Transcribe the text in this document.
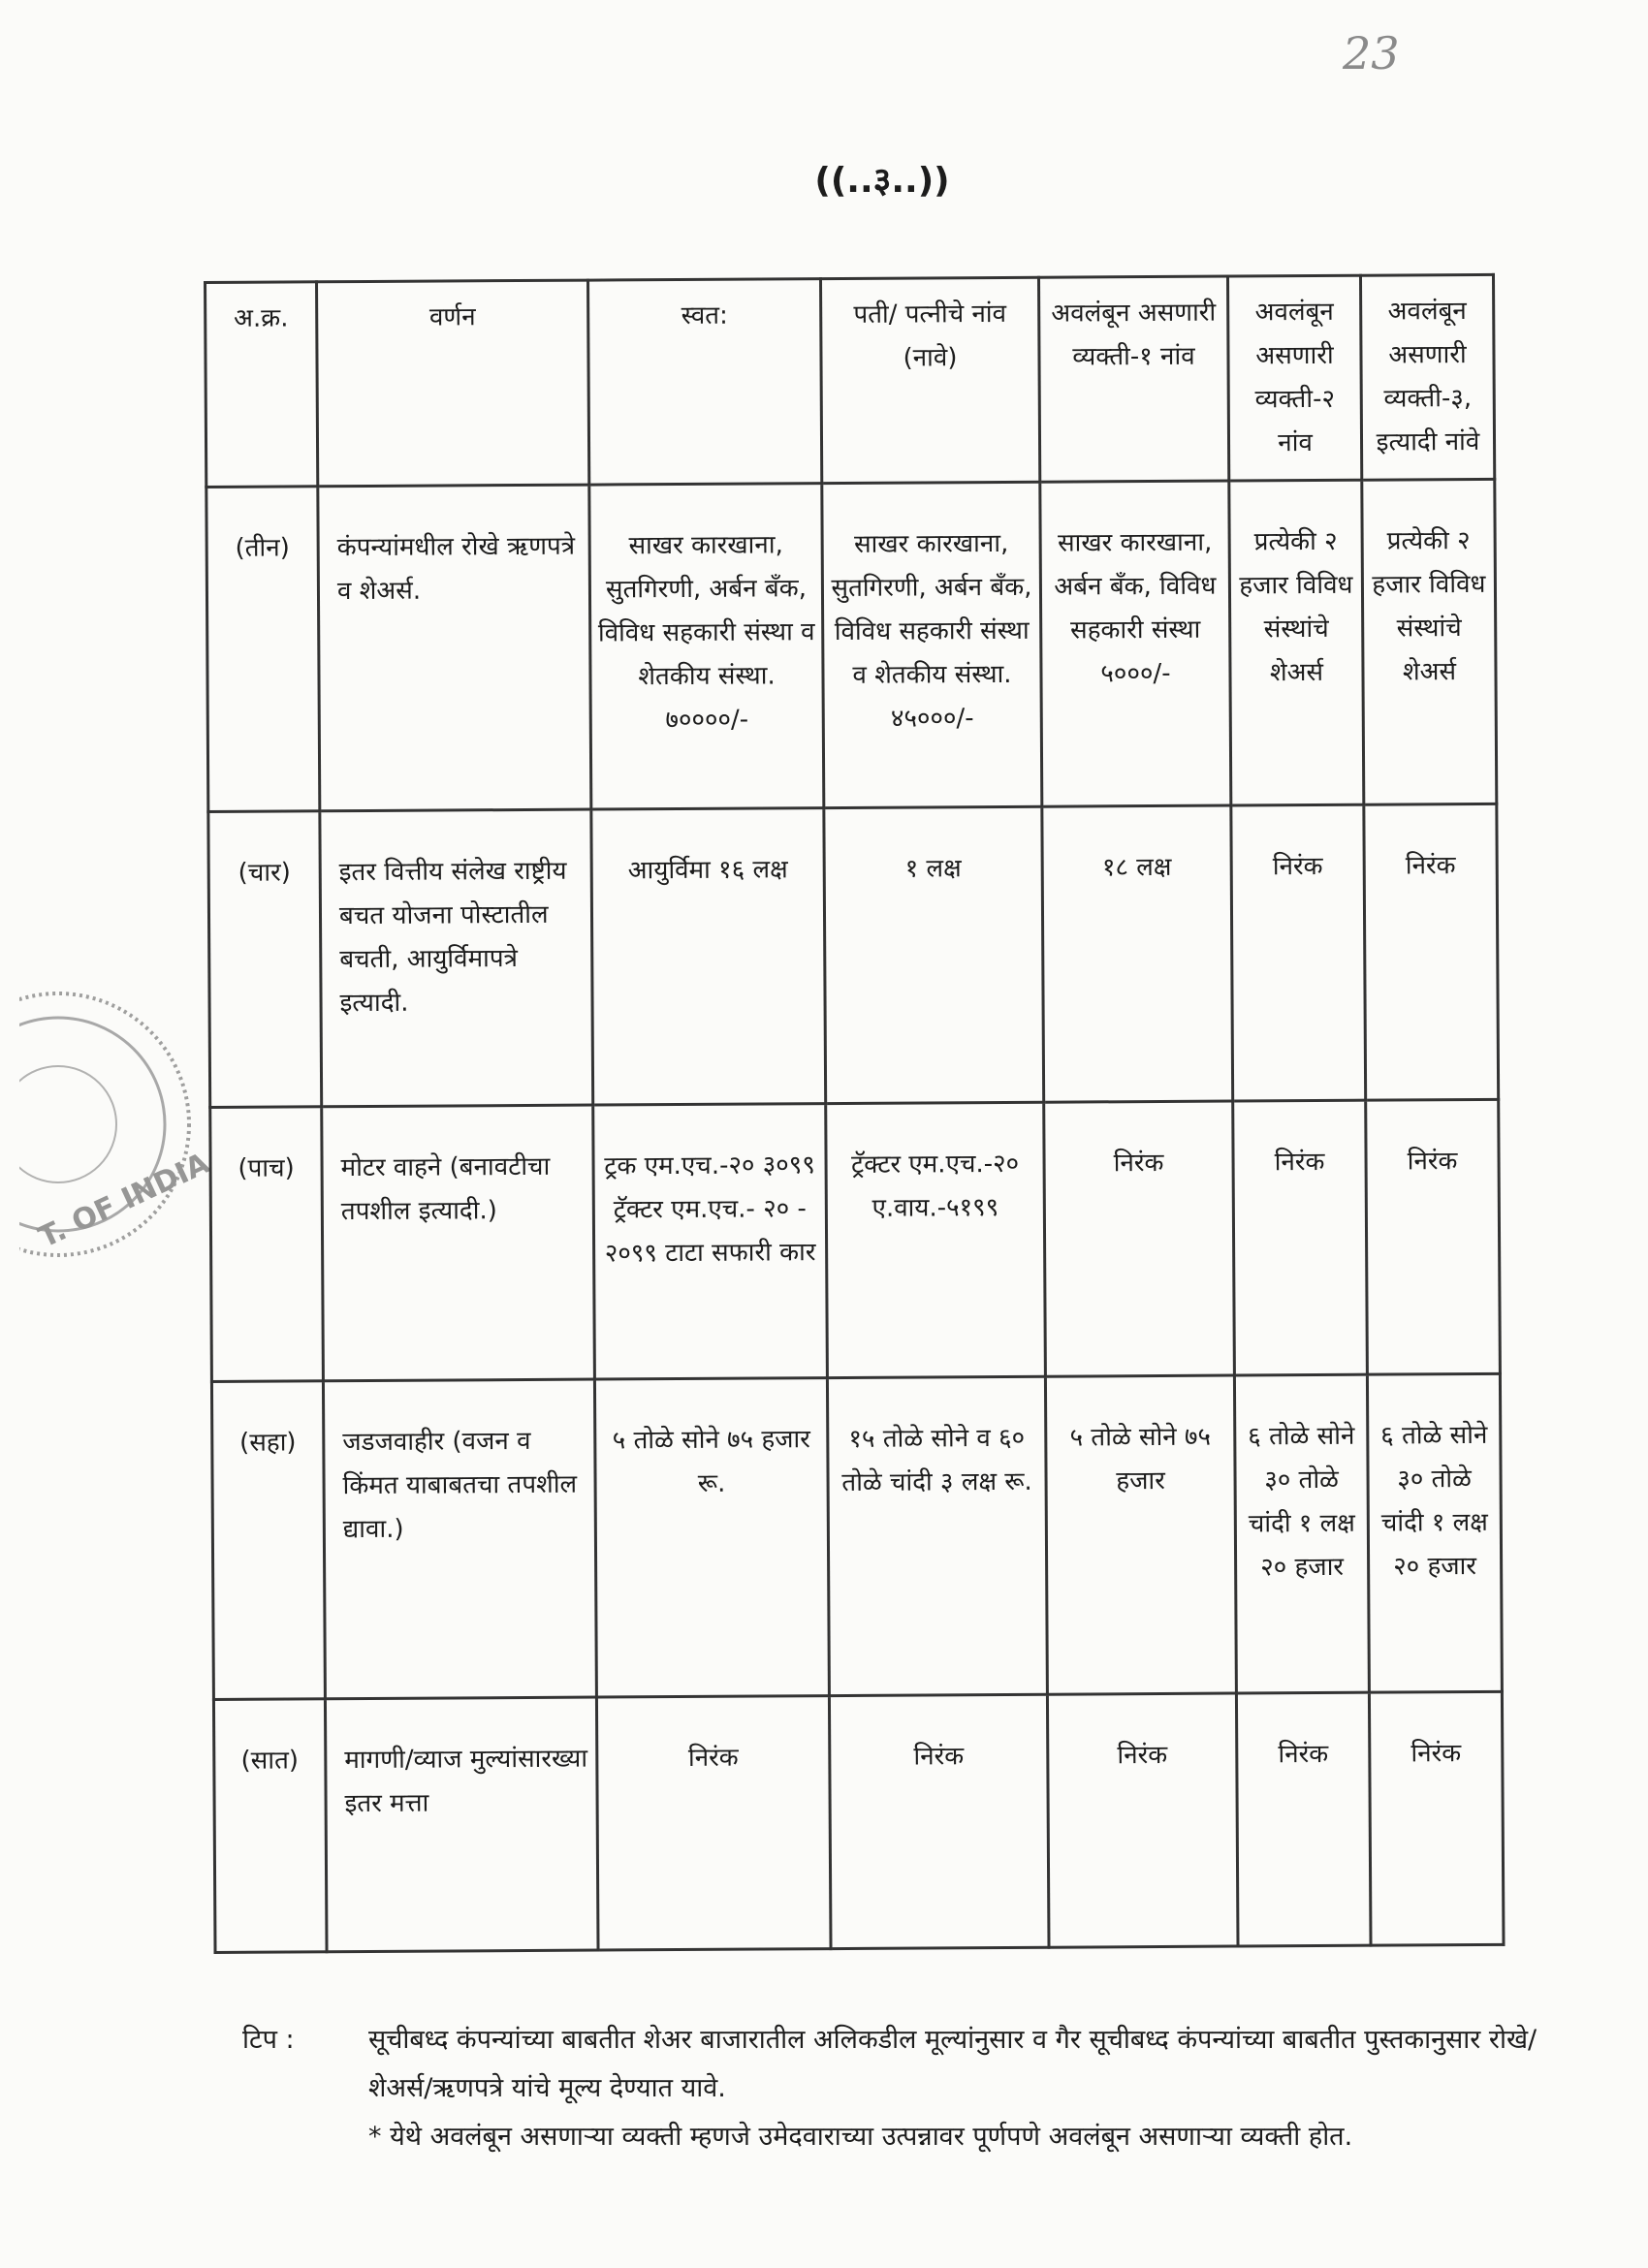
23
((..३..))
T. OF INDIA
अ.क्र.	वर्णन	स्वत:	पती/ पत्नीचे नांव (नावे)	अवलंबून असणारी व्यक्ती-१ नांव	अवलंबून असणारी व्यक्ती-२ नांव	अवलंबून असणारी व्यक्ती-३, इत्यादी नांवे
(तीन)	कंपन्यांमधील रोखे ऋणपत्रे व शेअर्स.	साखर कारखाना, सुतगिरणी, अर्बन बँक, विविध सहकारी संस्था व शेतकीय संस्था. ७००००/-	साखर कारखाना, सुतगिरणी, अर्बन बँक, विविध सहकारी संस्था व शेतकीय संस्था. ४५०००/-	साखर कारखाना, अर्बन बँक, विविध सहकारी संस्था ५०००/-	प्रत्येकी २ हजार विविध संस्थांचे शेअर्स	प्रत्येकी २ हजार विविध संस्थांचे शेअर्स
(चार)	इतर वित्तीय संलेख राष्ट्रीय बचत योजना पोस्टातील बचती, आयुर्विमापत्रे इत्यादी.	आयुर्विमा १६ लक्ष	१ लक्ष	१८ लक्ष	निरंक	निरंक
(पाच)	मोटर वाहने (बनावटीचा तपशील इत्यादी.)	ट्रक एम.एच.-२० ३०९९ ट्रॅक्टर एम.एच.- २० - २०९९ टाटा सफारी कार	ट्रॅक्टर एम.एच.-२० ए.वाय.-५१९९	निरंक	निरंक	निरंक
(सहा)	जडजवाहीर (वजन व किंमत याबाबतचा तपशील द्यावा.)	५ तोळे सोने ७५ हजार रू.	१५ तोळे सोने व ६० तोळे चांदी ३ लक्ष रू.	५ तोळे सोने ७५ हजार	६ तोळे सोने ३० तोळे चांदी १ लक्ष २० हजार	६ तोळे सोने ३० तोळे चांदी १ लक्ष २० हजार
(सात)	मागणी/व्याज मुल्यांसारख्या इतर मत्ता	निरंक	निरंक	निरंक	निरंक	निरंक
टिप :	सूचीबध्द कंपन्यांच्या बाबतीत शेअर बाजारातील अलिकडील मूल्यांनुसार व गैर सूचीबध्द कंपन्यांच्या बाबतीत पुस्तकानुसार रोखे/शेअर्स/ऋणपत्रे यांचे मूल्य देण्यात यावे.
* येथे अवलंबून असणाऱ्या व्यक्ती म्हणजे उमेदवाराच्या उत्पन्नावर पूर्णपणे अवलंबून असणाऱ्या व्यक्ती होत.
